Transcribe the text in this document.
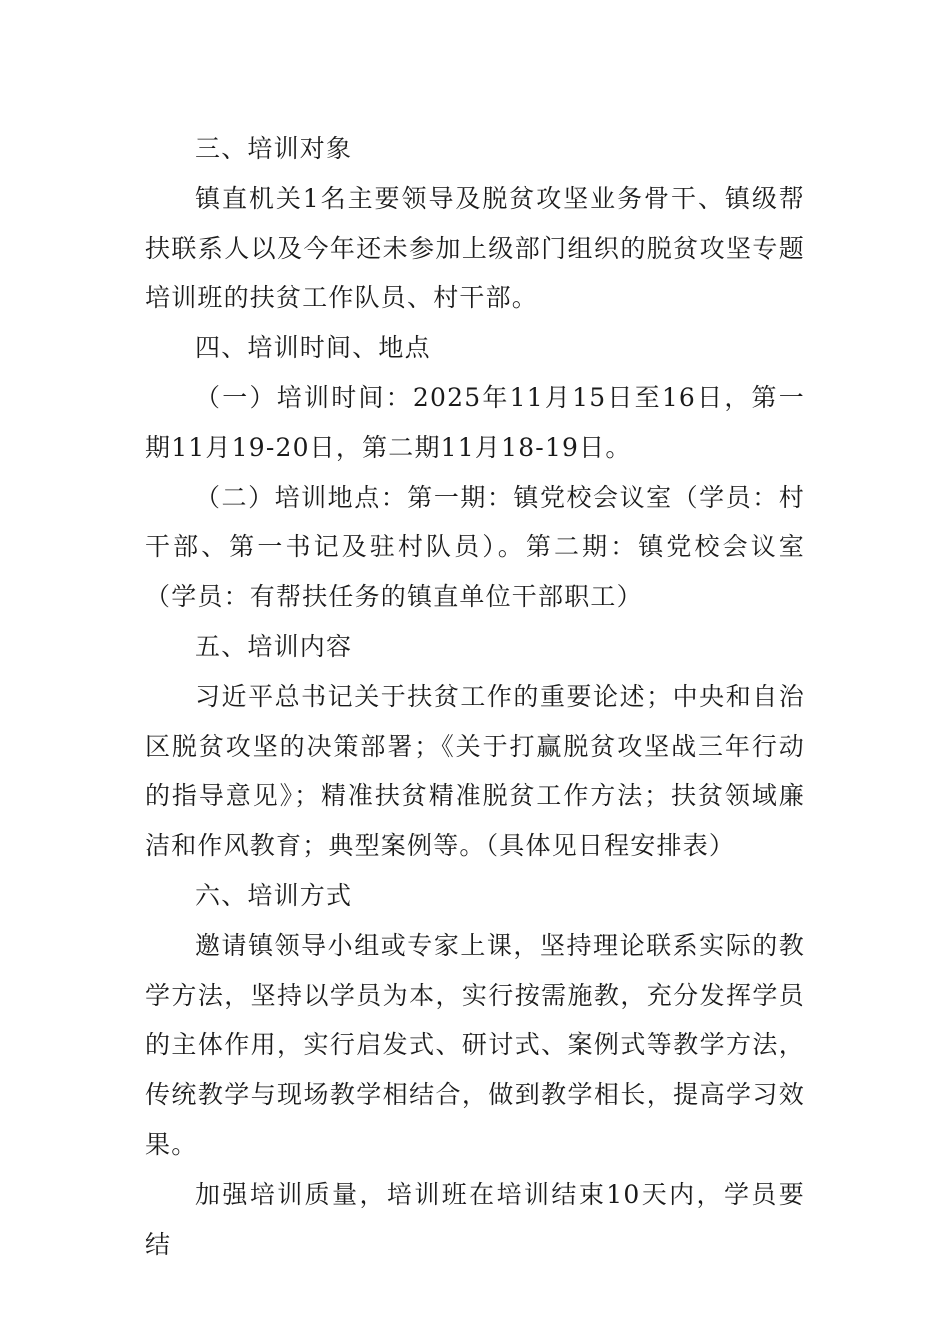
三、培训对象

镇直机关1名主要领导及脱贫攻坚业务骨干、镇级帮扶联系人以及今年还未参加上级部门组织的脱贫攻坚专题培训班的扶贫工作队员、村干部。

四、培训时间、地点

（一）培训时间：2025年11月15日至16日，第一期11月19-20日，第二期11月18-19日。

（二）培训地点：第一期：镇党校会议室（学员：村干部、第一书记及驻村队员）。第二期：镇党校会议室（学员：有帮扶任务的镇直单位干部职工）

五、培训内容

习近平总书记关于扶贫工作的重要论述；中央和自治区脱贫攻坚的决策部署；《关于打赢脱贫攻坚战三年行动的指导意见》；精准扶贫精准脱贫工作方法；扶贫领域廉洁和作风教育；典型案例等。（具体见日程安排表）

六、培训方式

邀请镇领导小组或专家上课，坚持理论联系实际的教学方法，坚持以学员为本，实行按需施教，充分发挥学员的主体作用，实行启发式、研讨式、案例式等教学方法，传统教学与现场教学相结合，做到教学相长，提高学习效果。

加强培训质量，培训班在培训结束10天内，学员要结
